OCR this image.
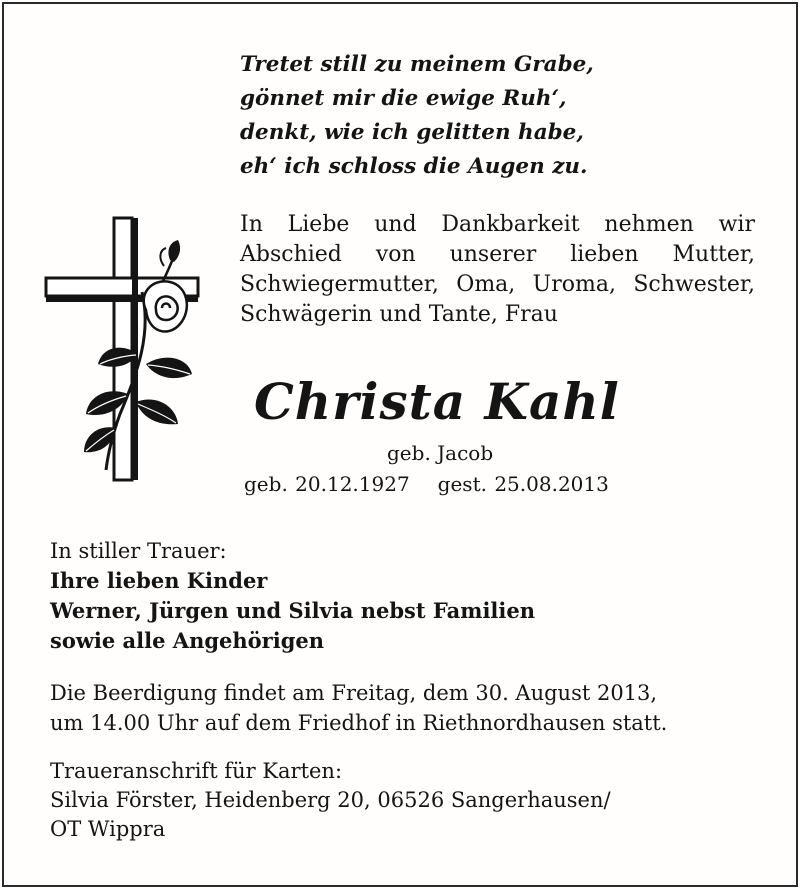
Tretet still zu meinem Grabe,
gönnet mir die ewige Ruh‘,
denkt, wie ich gelitten habe,
eh‘ ich schloss die Augen zu.
In Liebe und Dankbarkeit nehmen wir
Abschied von unserer lieben Mutter,
Schwiegermutter, Oma, Uroma, Schwester,
Schwägerin und Tante, Frau
Christa Kahl
geb. Jacob
geb. 20.12.1927 gest. 25.08.2013
In stiller Trauer:
Ihre lieben Kinder
Werner, Jürgen und Silvia nebst Familien
sowie alle Angehörigen
Die Beerdigung findet am Freitag, dem 30. August 2013,
um 14.00 Uhr auf dem Friedhof in Riethnordhausen statt.
Traueranschrift für Karten:
Silvia Förster, Heidenberg 20, 06526 Sangerhausen/
OT Wippra
